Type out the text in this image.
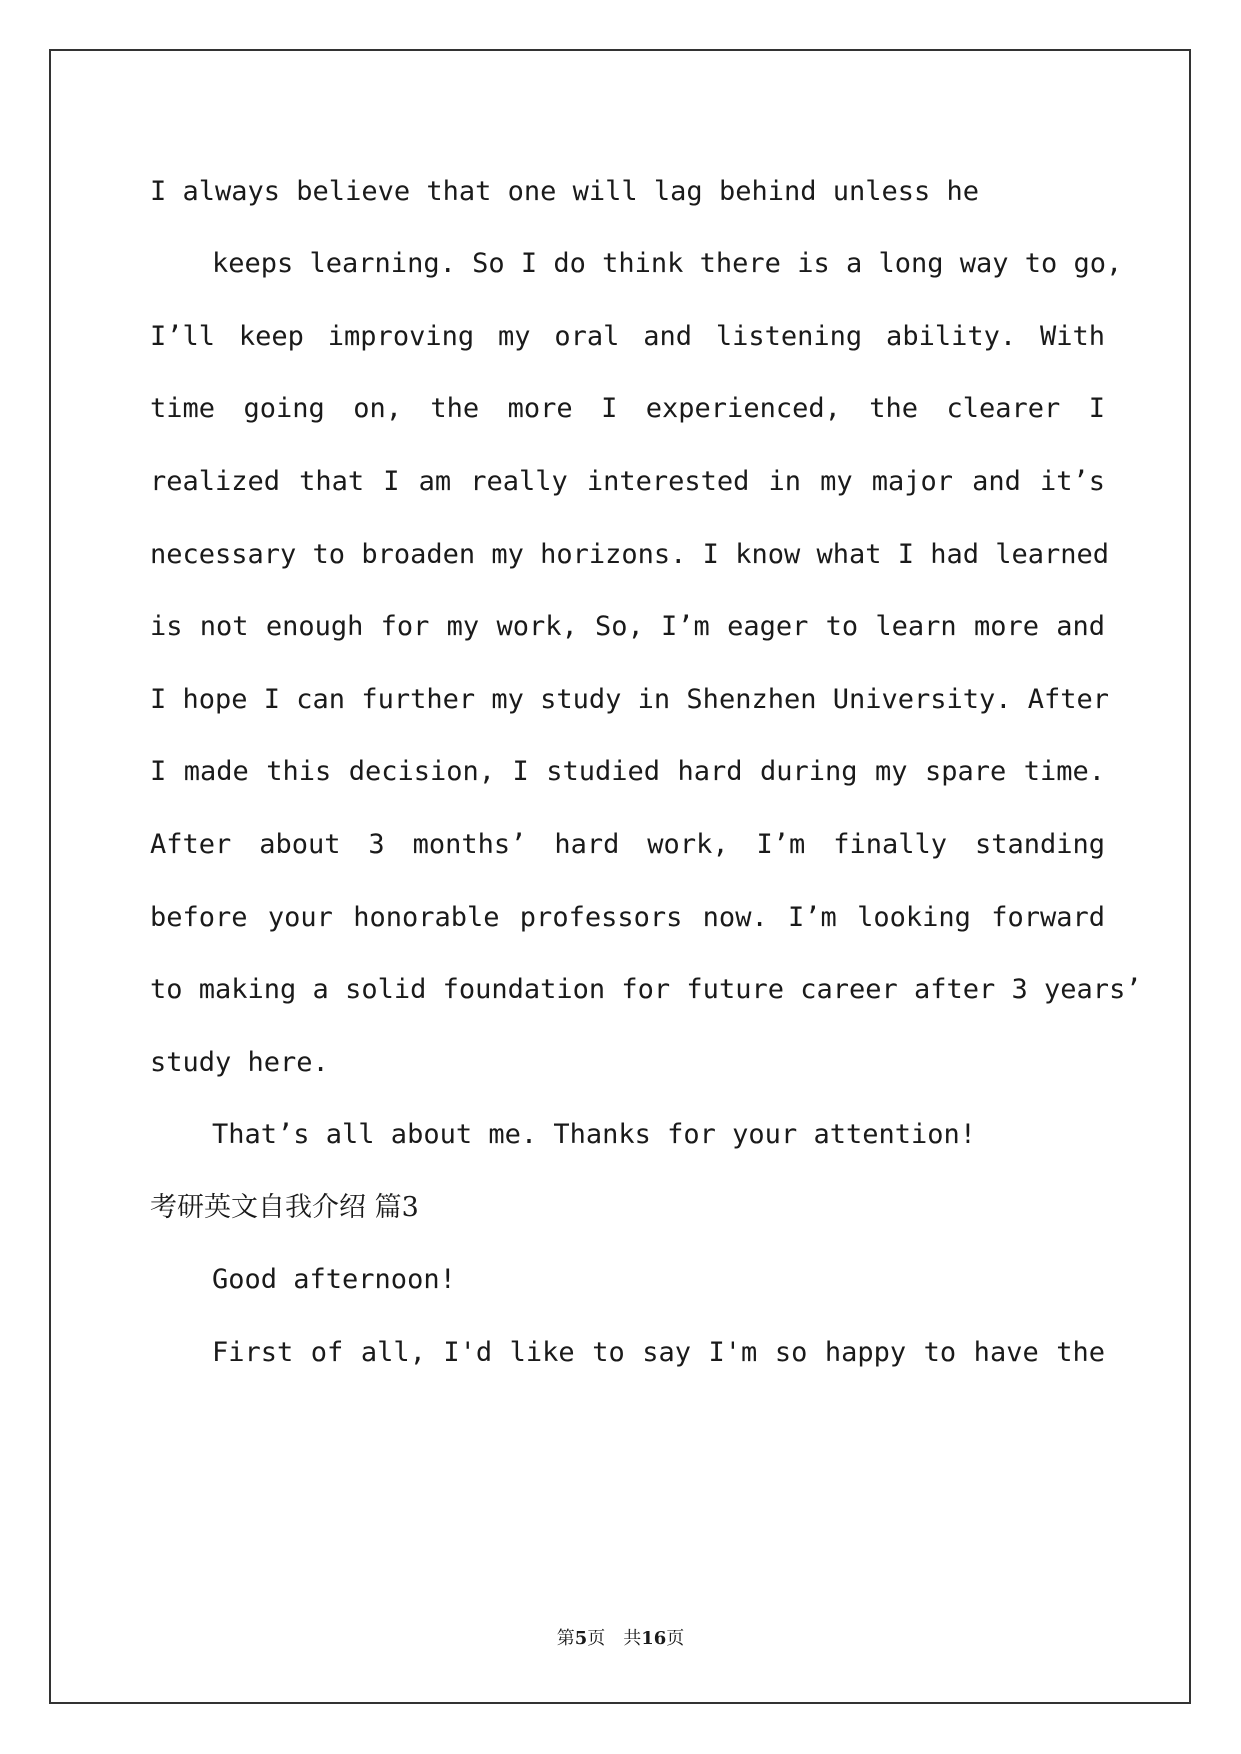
I always believe that one will lag behind unless he

keeps learning. So I do think there is a long way to go,

I’ll keep improving my oral and listening ability. With

time going on, the more I experienced, the clearer I

realized that I am really interested in my major and it’s

necessary to broaden my horizons. I know what I had learned

is not enough for my work, So, I’m eager to learn more and

I hope I can further my study in Shenzhen University. After

I made this decision, I studied hard during my spare time.

After about 3 months’ hard work, I’m finally standing

before your honorable professors now. I’m looking forward

to making a solid foundation for future career after 3 years’

study here.

That’s all about me. Thanks for your attention!

考研英文自我介绍 篇3

Good afternoon!

First of all, I'd like to say I'm so happy to have the

第5页　共16页
